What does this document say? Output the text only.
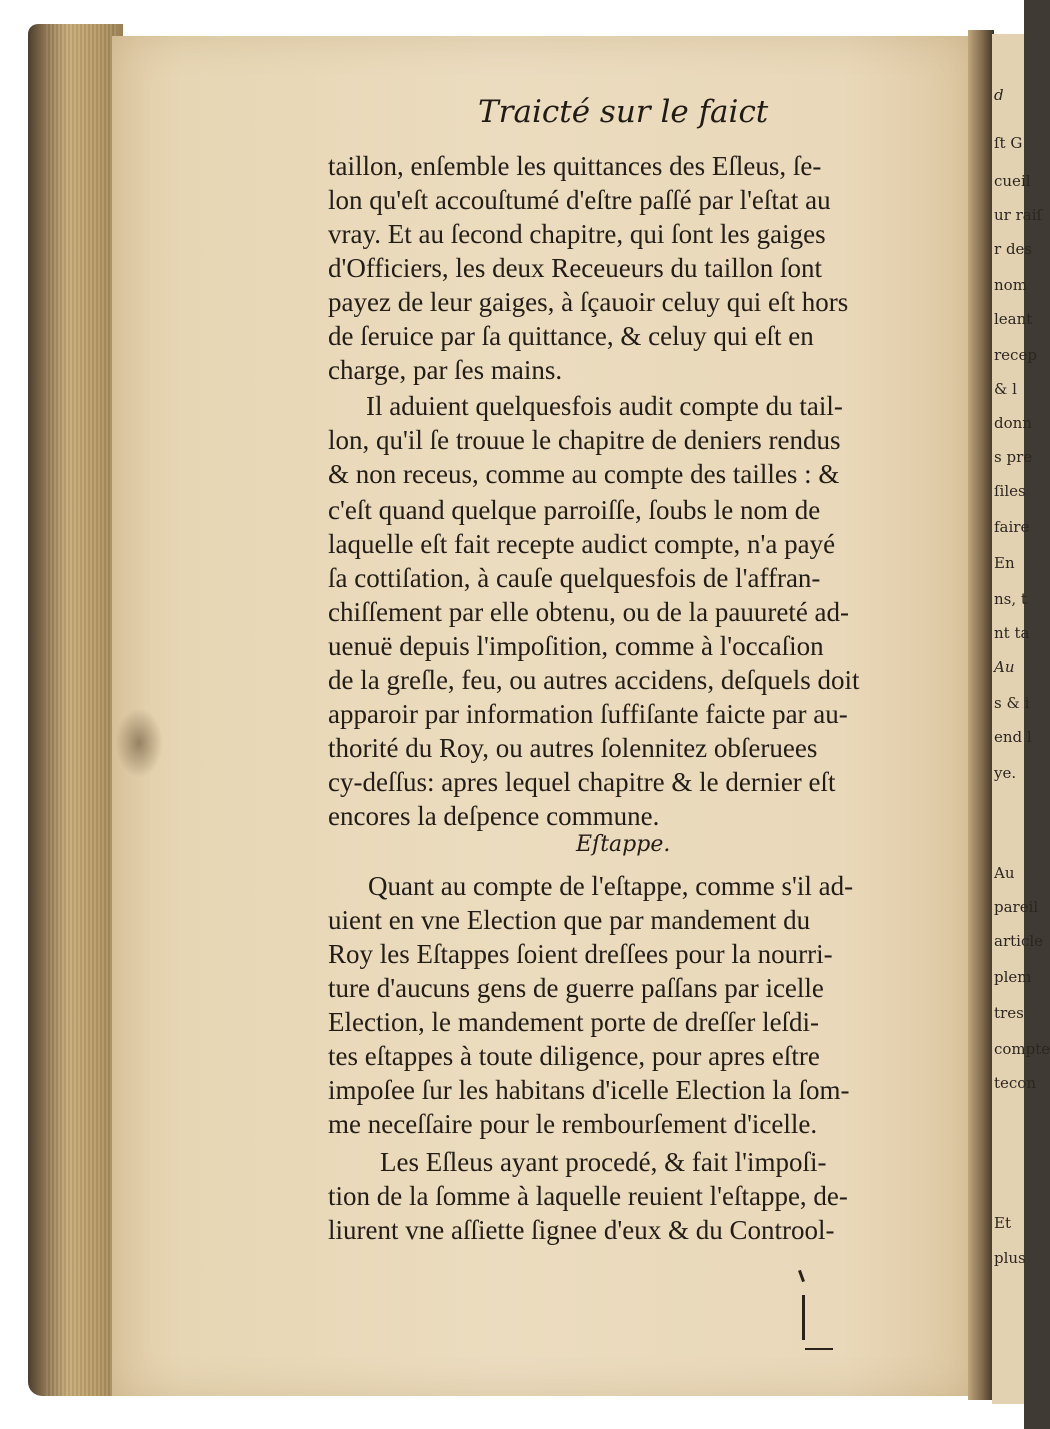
d
ſt G
cueil
ur raiſ
r des
nom
leant
recep
& l
donn
s pre
ſiles
faire
En
ns, t
nt ta
Au
s & i
end l
ye.
Au
pareil
article
plem
tres
compte
tecon
Et
plus
Traicté sur le faict
taillon, enſemble les quittances des Eſleus, ſe-
lon qu'eſt accouſtumé d'eſtre paſſé par l'eſtat au
vray. Et au ſecond chapitre, qui ſont les gaiges
d'Officiers, les deux Receueurs du taillon ſont
payez de leur gaiges, à ſçauoir celuy qui eſt hors
de ſeruice par ſa quittance, & celuy qui eſt en
charge, par ſes mains.
Il aduient quelquesfois audit compte du tail-
lon, qu'il ſe trouue le chapitre de deniers rendus
& non receus, comme au compte des tailles : &
c'eſt quand quelque parroiſſe, ſoubs le nom de
laquelle eſt fait recepte audict compte, n'a payé
ſa cottiſation, à cauſe quelquesfois de l'affran-
chiſſement par elle obtenu, ou de la pauureté ad-
uenuë depuis l'impoſition, comme à l'occaſion
de la greſle, feu, ou autres accidens, deſquels doit
apparoir par information ſuffiſante faicte par au-
thorité du Roy, ou autres ſolennitez obſeruees
cy-deſſus: apres lequel chapitre & le dernier eſt
encores la deſpence commune.
Eſtappe.
Quant au compte de l'eſtappe, comme s'il ad-
uient en vne Election que par mandement du
Roy les Eſtappes ſoient dreſſees pour la nourri-
ture d'aucuns gens de guerre paſſans par icelle
Election, le mandement porte de dreſſer leſdi-
tes eſtappes à toute diligence, pour apres eſtre
impoſee ſur les habitans d'icelle Election la ſom-
me neceſſaire pour le rembourſement d'icelle.
Les Eſleus ayant procedé, & fait l'impoſi-
tion de la ſomme à laquelle reuient l'eſtappe, de-
liurent vne aſſiette ſignee d'eux & du Controol-
